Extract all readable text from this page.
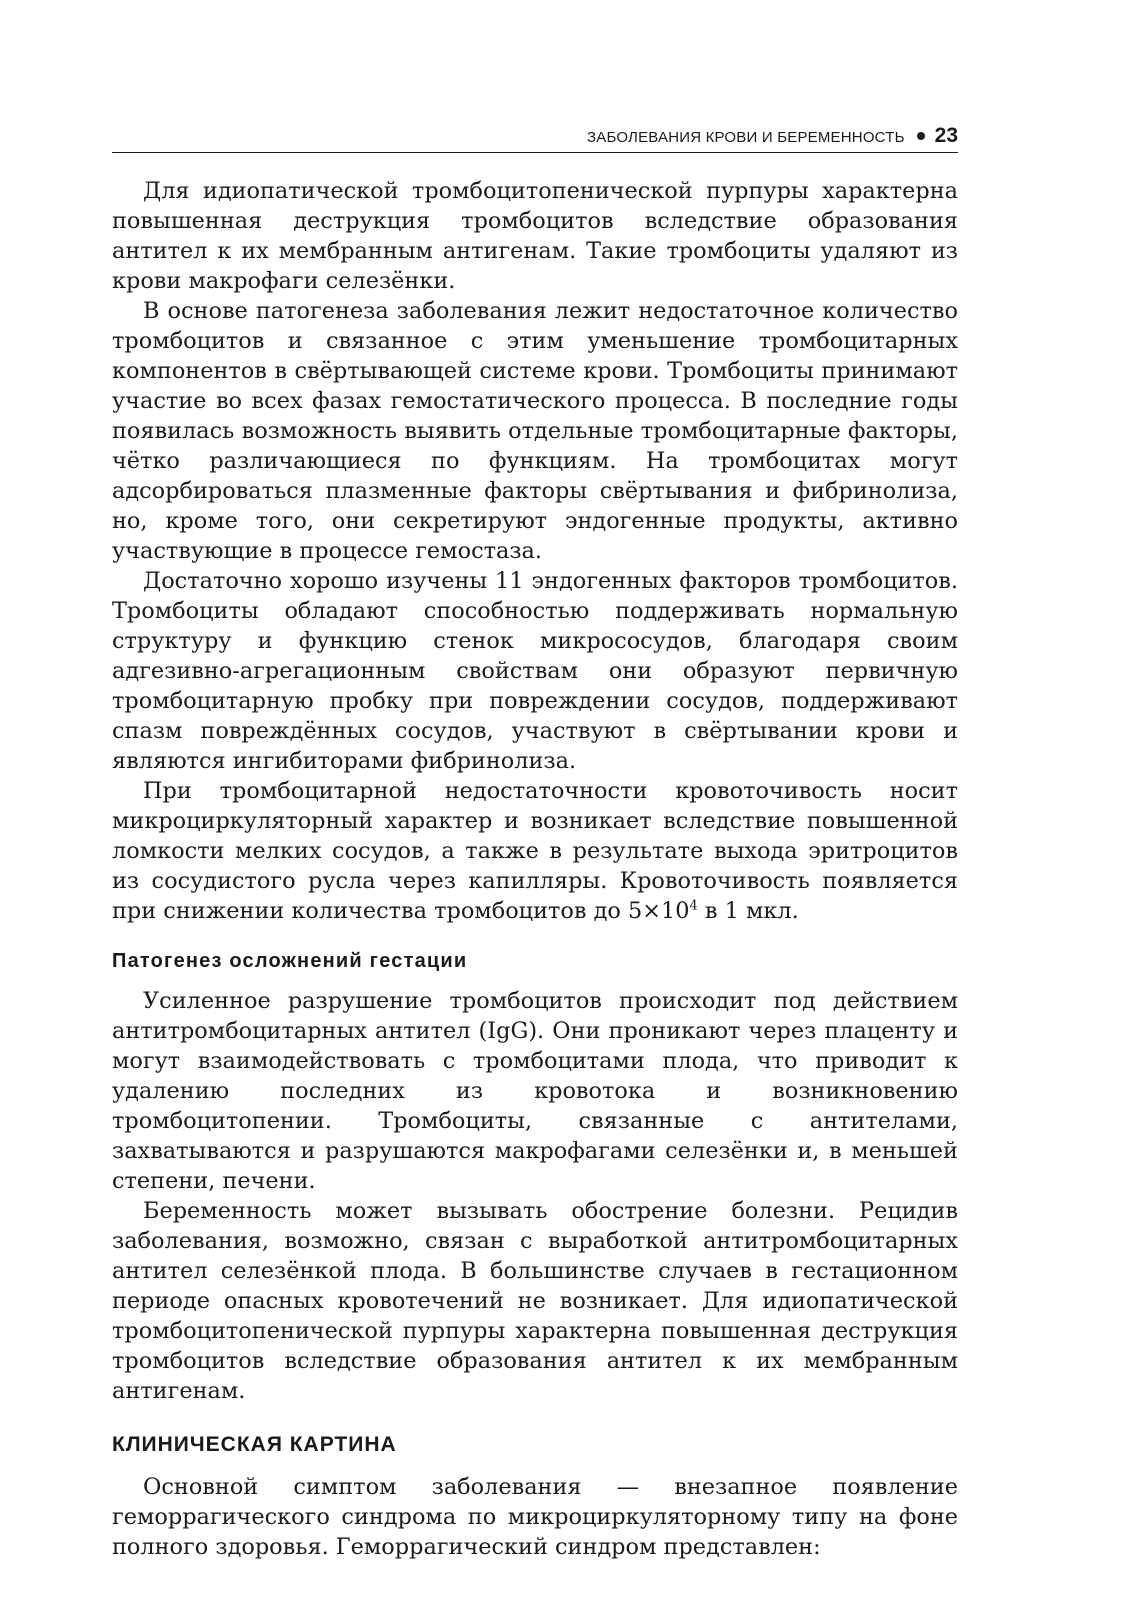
ЗАБОЛЕВАНИЯ КРОВИ И БЕРЕМЕННОСТЬ 23

Для идиопатической тромбоцитопенической пурпуры характерна повышенная деструкция тромбоцитов вследствие образования антител к их мембранным антигенам. Такие тромбоциты удаляют из крови макрофаги селезёнки.

В основе патогенеза заболевания лежит недостаточное количество тромбоцитов и связанное с этим уменьшение тромбоцитарных компонентов в свёртывающей системе крови. Тромбоциты принимают участие во всех фазах гемостатического процесса. В последние годы появилась возможность выявить отдельные тромбоцитарные факторы, чётко различающиеся по функциям. На тромбоцитах могут адсорбироваться плазменные факторы свёртывания и фибринолиза, но, кроме того, они секретируют эндогенные продукты, активно участвующие в процессе гемостаза.

Достаточно хорошо изучены 11 эндогенных факторов тромбоцитов. Тромбоциты обладают способностью поддерживать нормальную структуру и функцию стенок микрососудов, благодаря своим адгезивно-агрегационным свойствам они образуют первичную тромбоцитарную пробку при повреждении сосудов, поддерживают спазм повреждённых сосудов, участвуют в свёртывании крови и являются ингибиторами фибринолиза.

При тромбоцитарной недостаточности кровоточивость носит микроциркуляторный характер и возникает вследствие повышенной ломкости мелких сосудов, а также в результате выхода эритроцитов из сосудистого русла через капилляры. Кровоточивость появляется при снижении количества тромбоцитов до $5\times 10^4$ в 1 мкл.

Патогенез осложнений гестации

Усиленное разрушение тромбоцитов происходит под действием антитромбоцитарных антител (IgG). Они проникают через плаценту и могут взаимодействовать с тромбоцитами плода, что приводит к удалению последних из кровотока и возникновению тромбоцитопении. Тромбоциты, связанные с антителами, захватываются и разрушаются макрофагами селезёнки и, в меньшей степени, печени.

Беременность может вызывать обострение болезни. Рецидив заболевания, возможно, связан с выработкой антитромбоцитарных антител селезёнкой плода. В большинстве случаев в гестационном периоде опасных кровотечений не возникает. Для идиопатической тромбоцитопенической пурпуры характерна повышенная деструкция тромбоцитов вследствие образования антител к их мембранным антигенам.

КЛИНИЧЕСКАЯ КАРТИНА

Основной симптом заболевания — внезапное появление геморрагического синдрома по микроциркуляторному типу на фоне полного здоровья. Геморрагический синдром представлен:
